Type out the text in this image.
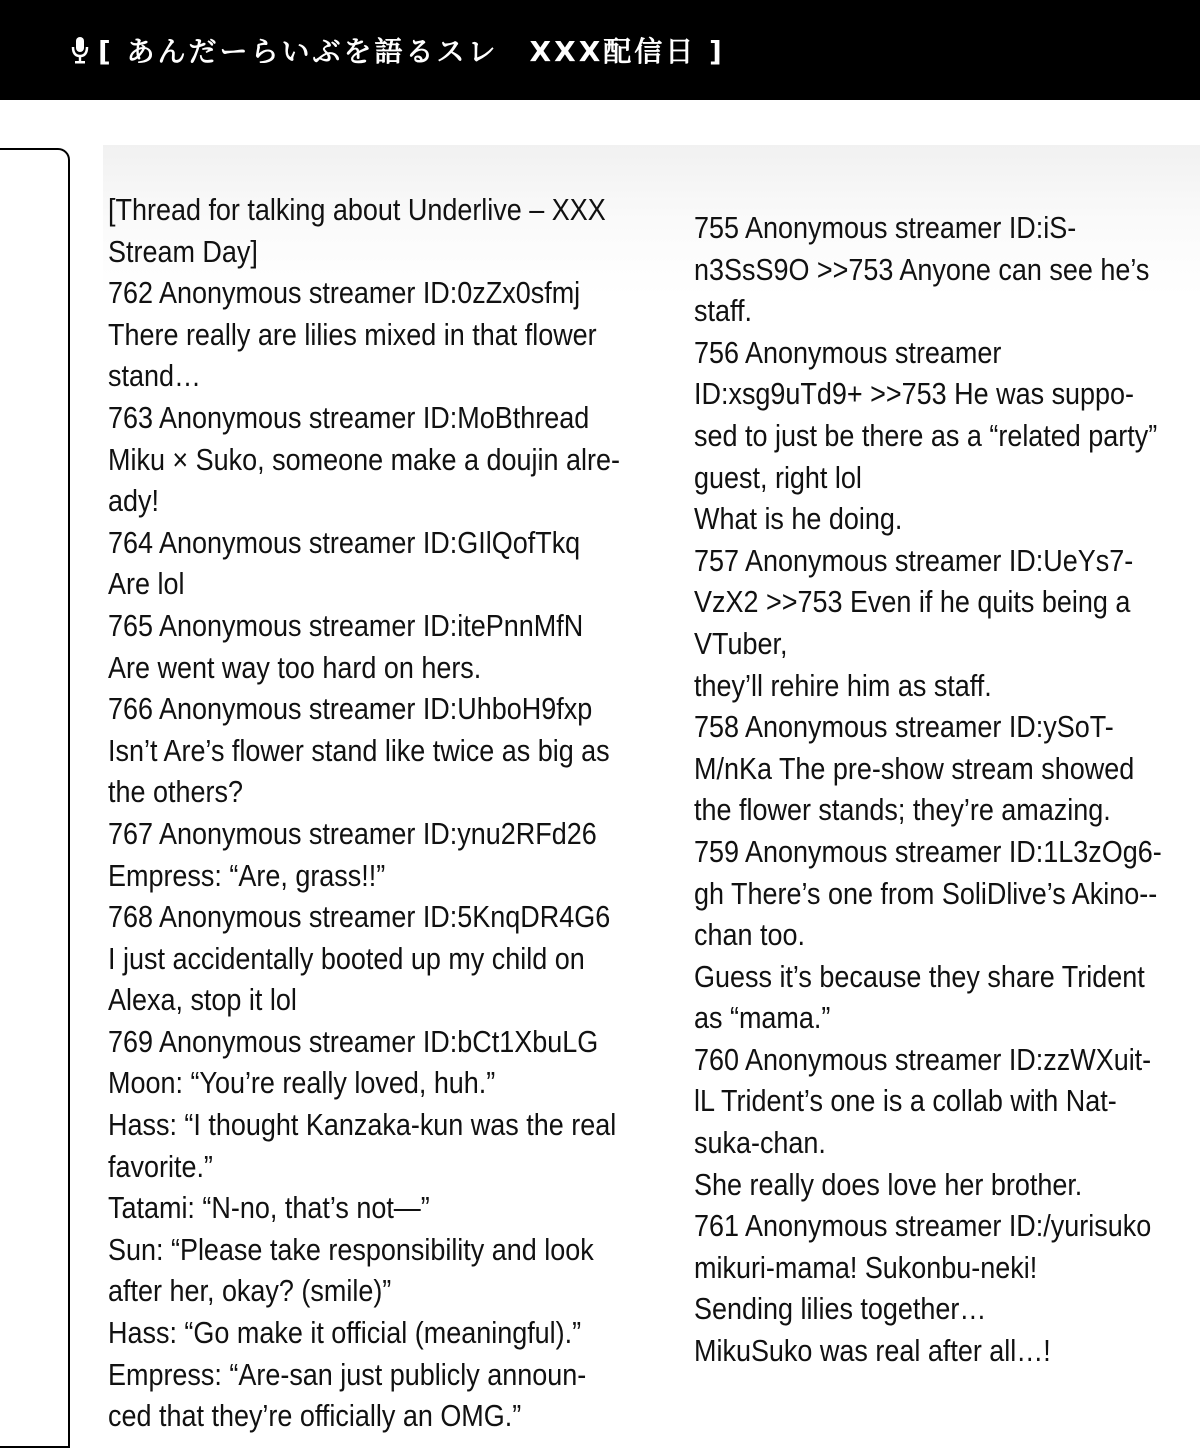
[ あんだーらいぶを語るスレ　XXX配信日 ]
[Thread for talking about Underlive – XXX
Stream Day]
762 Anonymous streamer ID:0zZx0sfmj
There really are lilies mixed in that flower
stand…
763 Anonymous streamer ID:MoBthread
Miku × Suko, someone make a doujin alre-
ady!
764 Anonymous streamer ID:GIlQofTkq
Are lol
765 Anonymous streamer ID:itePnnMfN
Are went way too hard on hers.
766 Anonymous streamer ID:UhboH9fxp
Isn’t Are’s flower stand like twice as big as
the others?
767 Anonymous streamer ID:ynu2RFd26
Empress: “Are, grass!!”
768 Anonymous streamer ID:5KnqDR4G6
I just accidentally booted up my child on
Alexa, stop it lol
769 Anonymous streamer ID:bCt1XbuLG
Moon: “You’re really loved, huh.”
Hass: “I thought Kanzaka-kun was the real
favorite.”
Tatami: “N-no, that’s not—”
Sun: “Please take responsibility and look
after her, okay? (smile)”
Hass: “Go make it official (meaningful).”
Empress: “Are-san just publicly announ-
ced that they’re officially an OMG.”
755 Anonymous streamer ID:iS-
n3SsS9O >>753 Anyone can see he’s
staff.
756 Anonymous streamer
ID:xsg9uTd9+ >>753 He was suppo-
sed to just be there as a “related party”
guest, right lol
What is he doing.
757 Anonymous streamer ID:UeYs7-
VzX2 >>753 Even if he quits being a
VTuber,
they’ll rehire him as staff.
758 Anonymous streamer ID:ySoT-
M/nKa The pre-show stream showed
the flower stands; they’re amazing.
759 Anonymous streamer ID:1L3zOg6-
gh There’s one from SoliDlive’s Akino--
chan too.
Guess it’s because they share Trident
as “mama.”
760 Anonymous streamer ID:zzWXuit-
lL Trident’s one is a collab with Nat-
suka-chan.
She really does love her brother.
761 Anonymous streamer ID:/yurisuko
mikuri-mama! Sukonbu-neki!
Sending lilies together…
MikuSuko was real after all…!
